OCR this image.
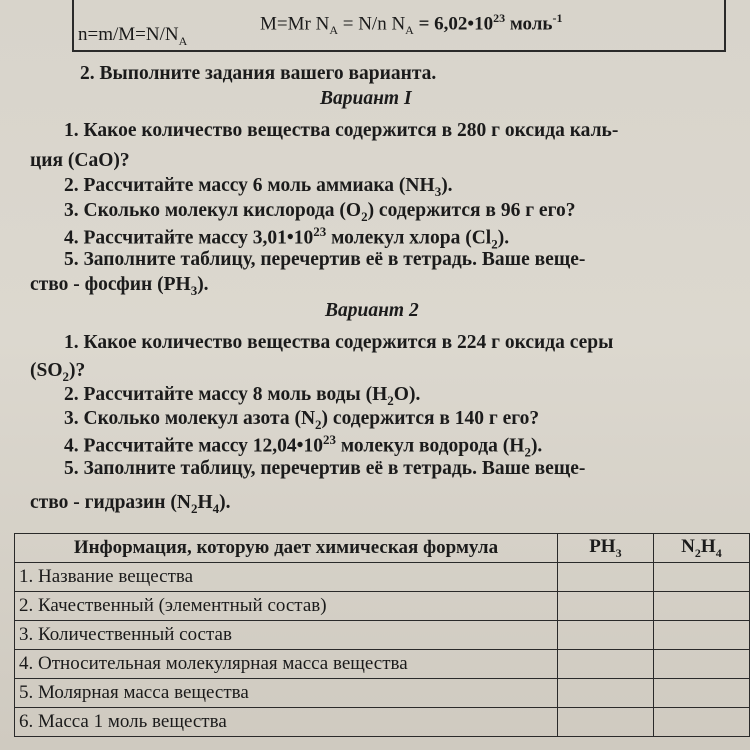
$n=m/M=N/N_A$
M=Mr $N_A = N/n$ $N_A$ = $6,02•10^{23}$ моль$^{-1}$
2. Выполните задания вашего варианта.
Вариант I
1. Какое количество вещества содержится в 280 г оксида каль-
ция (CaO)?
2. Рассчитайте массу 6 моль аммиака $(NH_3)$.
3. Сколько молекул кислорода $(O_2)$ содержится в 96 г его?
4. Рассчитайте массу $3,01•10^{23}$ молекул хлора $(Cl_2)$.
5. Заполните таблицу, перечертив её в тетрадь. Ваше веще-
ство - фосфин $(PH_3)$.
Вариант 2
1. Какое количество вещества содержится в 224 г оксида серы
$(SO_2)$?
2. Рассчитайте массу 8 моль воды $(H_2O)$.
3. Сколько молекул азота $(N_2)$ содержится в 140 г его?
4. Рассчитайте массу $12,04•10^{23}$ молекул водорода $(H_2)$.
5. Заполните таблицу, перечертив её в тетрадь. Ваше веще-
ство - гидразин $(N_2H_4)$.
Информация, которую дает химическая формула	$PH_3$	$N_2H_4$
1. Название вещества		
2. Качественный (элементный состав)		
3. Количественный состав		
4. Относительная молекулярная масса вещества		
5. Молярная масса вещества		
6. Масса 1 моль вещества		
